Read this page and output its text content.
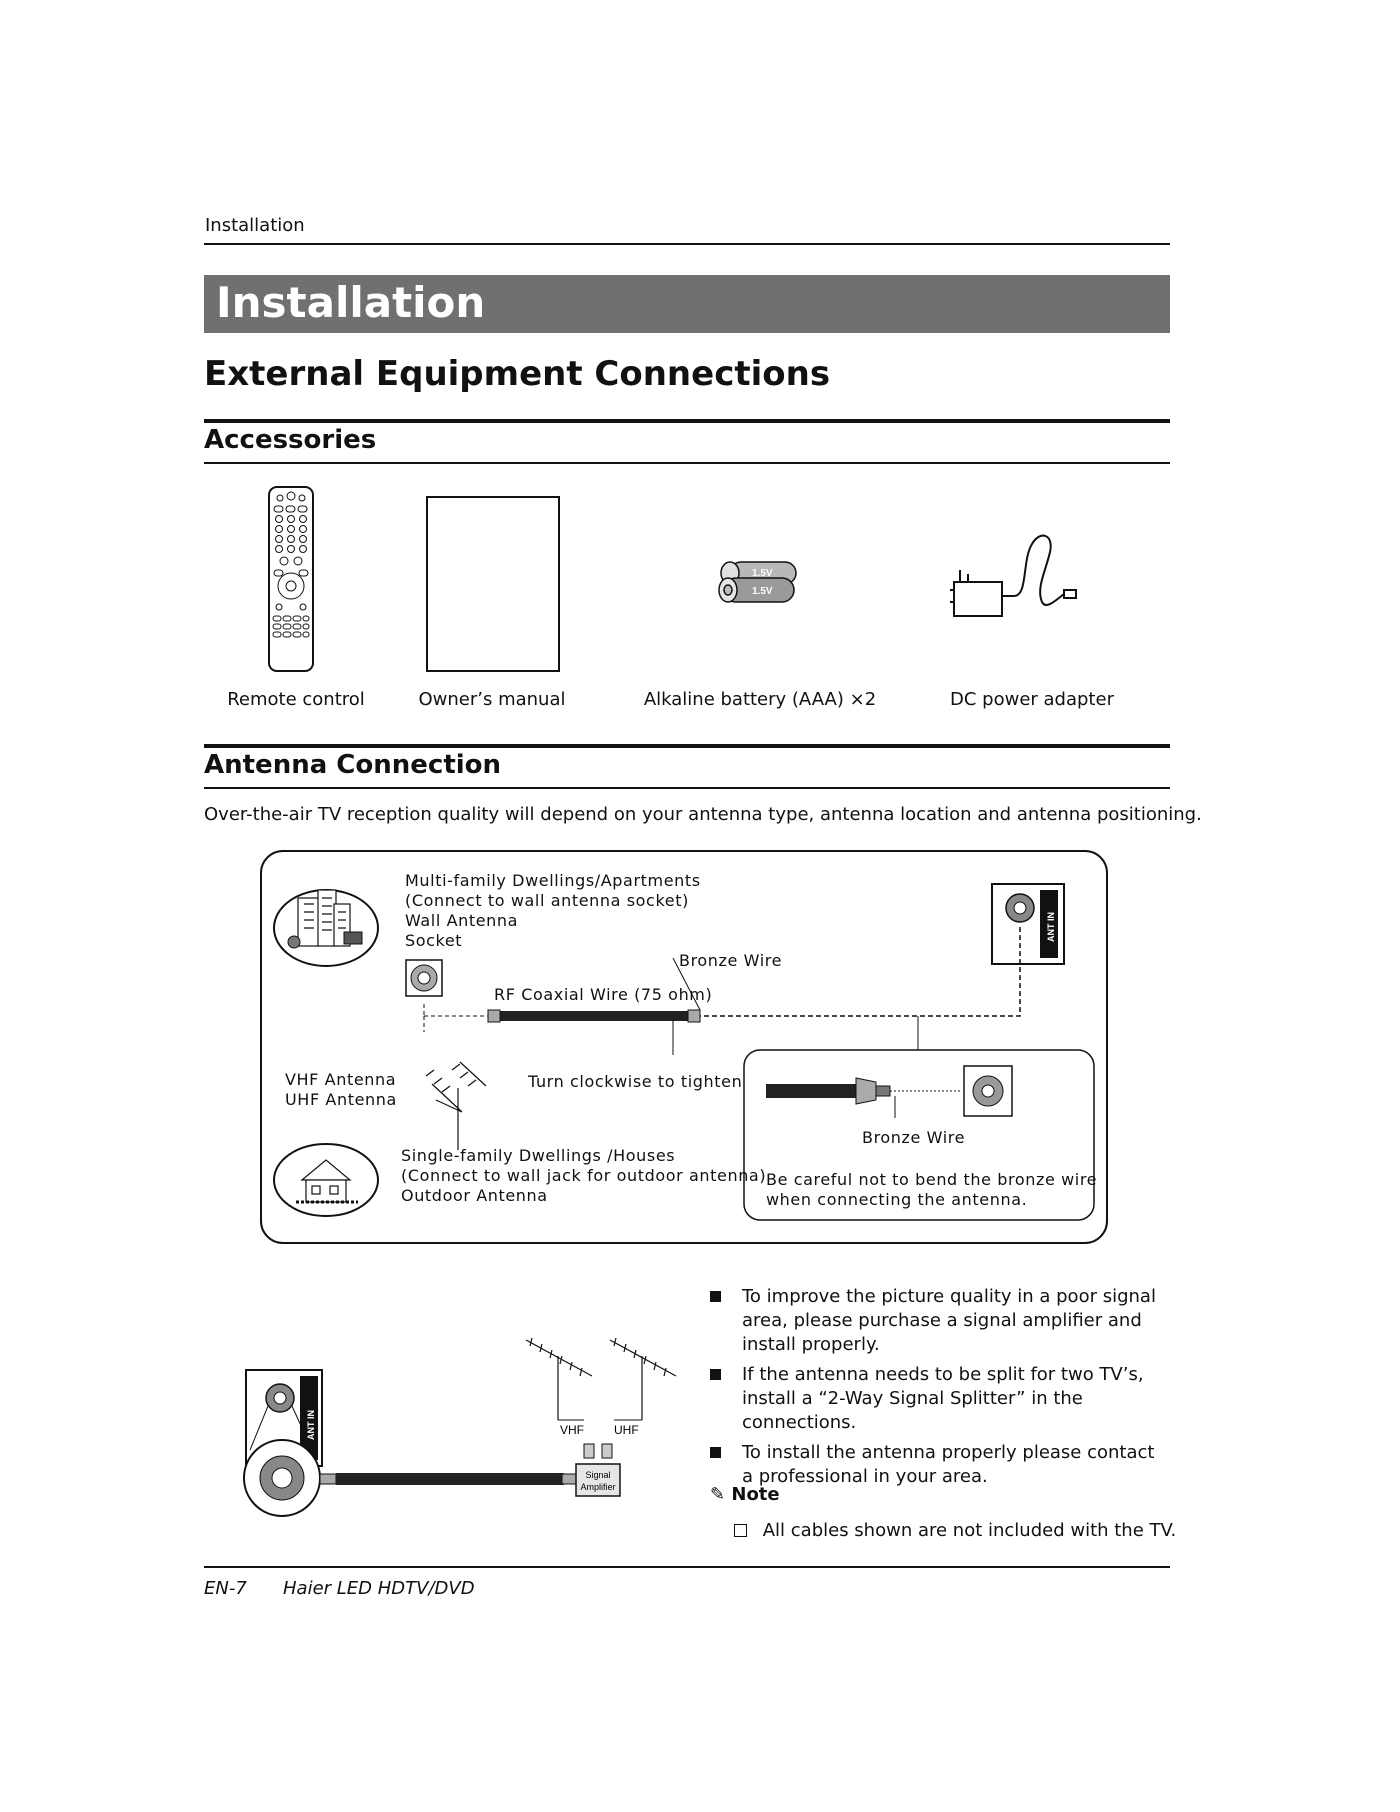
Installation
Installation
External Equipment Connections
Accessories
1.5V
1.5V
Remote control	Owner’s manual	Alkaline battery (AAA) ×2	DC power adapter
Antenna Connection
Over-the-air TV reception quality will depend on your antenna type, antenna location and antenna positioning.
ANT IN
Multi-family Dwellings/Apartments
(Connect to wall antenna socket)
Wall Antenna
Socket
Bronze Wire
RF Coaxial Wire (75 ohm)
VHF Antenna
UHF Antenna
Turn clockwise to tighten
Single-family Dwellings /Houses
(Connect to wall jack for outdoor antenna)
Outdoor Antenna
Bronze Wire
Be careful not to bend the bronze wire
when connecting the antenna.
ANT IN	VHF	UHF
Signal
Amplifier
To improve the picture quality in a poor signal area, please purchase a signal amplifier and install properly.
If the antenna needs to be split for two TV’s, install a “2-Way Signal Splitter” in the connections.
To install the antenna properly please contact a professional in your area.
✎ Note
All cables shown are not included with the TV.
EN-7 Haier LED HDTV/DVD
